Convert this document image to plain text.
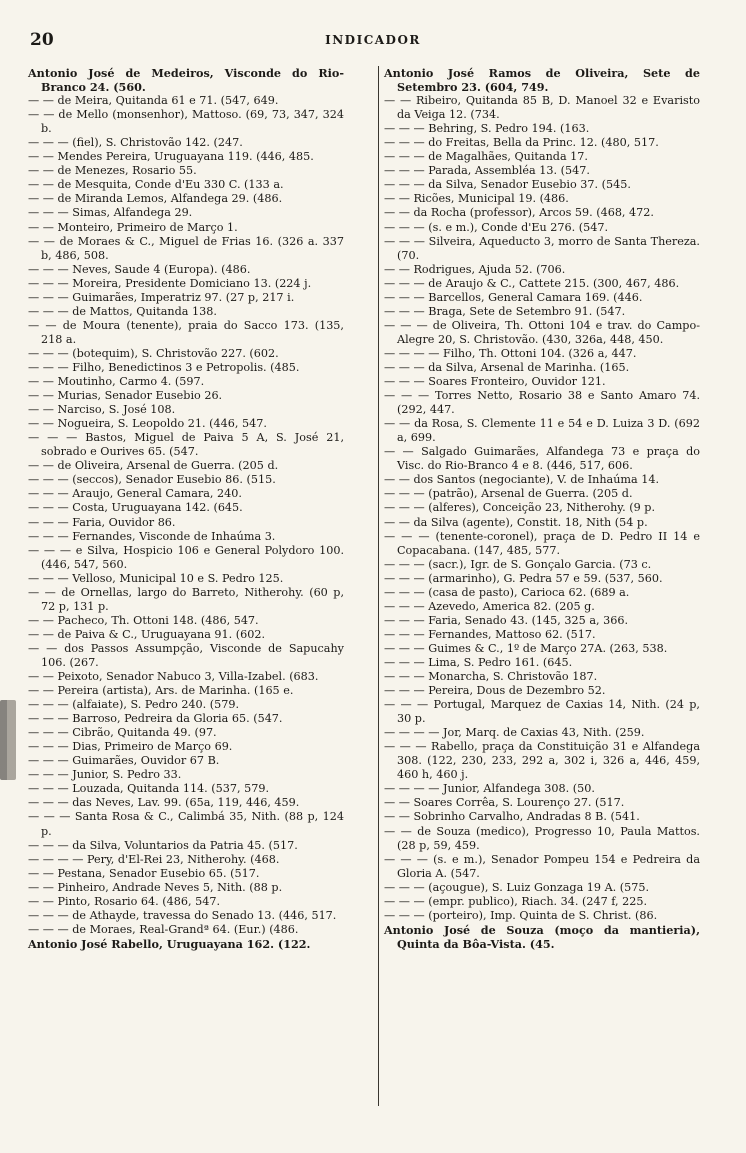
20	INDICADOR

Antonio José de Medeiros, Visconde do Rio-Branco 24. (560.

— — de Meira, Quitanda 61 e 71. (547, 649.

— — de Mello (monsenhor), Mattoso. (69, 73, 347, 324 b.

— — — (fiel), S. Christovão 142. (247.

— — Mendes Pereira, Uruguayana 119. (446, 485.

— — de Menezes, Rosario 55.

— — de Mesquita, Conde d'Eu 330 C. (133 a.

— — de Miranda Lemos, Alfandega 29. (486.

— — — Simas, Alfandega 29.

— — Monteiro, Primeiro de Março 1.

— — de Moraes & C., Miguel de Frias 16. (326 a. 337 b, 486, 508.

— — — Neves, Saude 4 (Europa). (486.

— — — Moreira, Presidente Domiciano 13. (224 j.

— — — Guimarães, Imperatriz 97. (27 p, 217 i.

— — — de Mattos, Quitanda 138.

— — de Moura (tenente), praia do Sacco 173. (135, 218 a.

— — — (botequim), S. Christovão 227. (602.

— — — Filho, Benedictinos 3 e Petropolis. (485.

— — Moutinho, Carmo 4. (597.

— — Murias, Senador Eusebio 26.

— — Narciso, S. José 108.

— — Nogueira, S. Leopoldo 21. (446, 547.

— — — Bastos, Miguel de Paiva 5 A, S. José 21, sobrado e Ourives 65. (547.

— — de Oliveira, Arsenal de Guerra. (205 d.

— — — (seccos), Senador Eusebio 86. (515.

— — — Araujo, General Camara, 240.

— — — Costa, Uruguayana 142. (645.

— — — Faria, Ouvidor 86.

— — — Fernandes, Visconde de Inhaúma 3.

— — — e Silva, Hospicio 106 e General Polydoro 100. (446, 547, 560.

— — — Velloso, Municipal 10 e S. Pedro 125.

— — de Ornellas, largo do Barreto, Nitherohy. (60 p, 72 p, 131 p.

— — Pacheco, Th. Ottoni 148. (486, 547.

— — de Paiva & C., Uruguayana 91. (602.

— — dos Passos Assumpção, Visconde de Sapucahy 106. (267.

— — Peixoto, Senador Nabuco 3, Villa-Izabel. (683.

— — Pereira (artista), Ars. de Marinha. (165 e.

— — — (alfaiate), S. Pedro 240. (579.

— — — Barroso, Pedreira da Gloria 65. (547.

— — — Cibrão, Quitanda 49. (97.

— — — Dias, Primeiro de Março 69.

— — — Guimarães, Ouvidor 67 B.

— — — Junior, S. Pedro 33.

— — — Louzada, Quitanda 114. (537, 579.

— — — das Neves, Lav. 99. (65a, 119, 446, 459.

— — — Santa Rosa & C., Calimbá 35, Nith. (88 p, 124 p.

— — — da Silva, Voluntarios da Patria 45. (517.

— — — — Pery, d'El-Rei 23, Nitherohy. (468.

— — Pestana, Senador Eusebio 65. (517.

— — Pinheiro, Andrade Neves 5, Nith. (88 p.

— — Pinto, Rosario 64. (486, 547.

— — — de Athayde, travessa do Senado 13. (446, 517.

— — — de Moraes, Real-Grandª 64. (Eur.) (486.

Antonio José Rabello, Uruguayana 162. (122.

Antonio José Ramos de Oliveira, Sete de Setembro 23. (604, 749.

— — Ribeiro, Quitanda 85 B, D. Manoel 32 e Evaristo da Veiga 12. (734.

— — — Behring, S. Pedro 194. (163.

— — — do Freitas, Bella da Princ. 12. (480, 517.

— — — de Magalhães, Quitanda 17.

— — — Parada, Assembléa 13. (547.

— — — da Silva, Senador Eusebio 37. (545.

— — Ricões, Municipal 19. (486.

— — da Rocha (professor), Arcos 59. (468, 472.

— — — (s. e m.), Conde d'Eu 276. (547.

— — — Silveira, Aqueducto 3, morro de Santa Thereza. (70.

— — Rodrigues, Ajuda 52. (706.

— — — de Araujo & C., Cattete 215. (300, 467, 486.

— — — Barcellos, General Camara 169. (446.

— — — Braga, Sete de Setembro 91. (547.

— — — de Oliveira, Th. Ottoni 104 e trav. do Campo-Alegre 20, S. Christovão. (430, 326a, 448, 450.

— — — — Filho, Th. Ottoni 104. (326 a, 447.

— — — da Silva, Arsenal de Marinha. (165.

— — — Soares Fronteiro, Ouvidor 121.

— — — Torres Netto, Rosario 38 e Santo Amaro 74. (292, 447.

— — da Rosa, S. Clemente 11 e 54 e D. Luiza 3 D. (692 a, 699.

— — Salgado Guimarães, Alfandega 73 e praça do Visc. do Rio-Branco 4 e 8. (446, 517, 606.

— — dos Santos (negociante), V. de Inhaúma 14.

— — — (patrão), Arsenal de Guerra. (205 d.

— — — (alferes), Conceição 23, Nitherohy. (9 p.

— — da Silva (agente), Constit. 18, Nith (54 p.

— — — (tenente-coronel), praça de D. Pedro II 14 e Copacabana. (147, 485, 577.

— — — (sacr.), Igr. de S. Gonçalo Garcia. (73 c.

— — — (armarinho), G. Pedra 57 e 59. (537, 560.

— — — (casa de pasto), Carioca 62. (689 a.

— — — Azevedo, America 82. (205 g.

— — — Faria, Senado 43. (145, 325 a, 366.

— — — Fernandes, Mattoso 62. (517.

— — — Guimes & C., 1º de Março 27A. (263, 538.

— — — Lima, S. Pedro 161. (645.

— — — Monarcha, S. Christovão 187.

— — — Pereira, Dous de Dezembro 52.

— — — Portugal, Marquez de Caxias 14, Nith. (24 p, 30 p.

— — — — Jor, Marq. de Caxias 43, Nith. (259.

— — — Rabello, praça da Constituição 31 e Alfandega 308. (122, 230, 233, 292 a, 302 i, 326 a, 446, 459, 460 h, 460 j.

— — — — Junior, Alfandega 308. (50.

— — Soares Corrêa, S. Lourenço 27. (517.

— — Sobrinho Carvalho, Andradas 8 B. (541.

— — de Souza (medico), Progresso 10, Paula Mattos. (28 p, 59, 459.

— — — (s. e m.), Senador Pompeu 154 e Pedreira da Gloria A. (547.

— — — (açougue), S. Luiz Gonzaga 19 A. (575.

— — — (empr. publico), Riach. 34. (247 f, 225.

— — — (porteiro), Imp. Quinta de S. Christ. (86.

Antonio José de Souza (moço da mantieria), Quinta da Bôa-Vista. (45.
